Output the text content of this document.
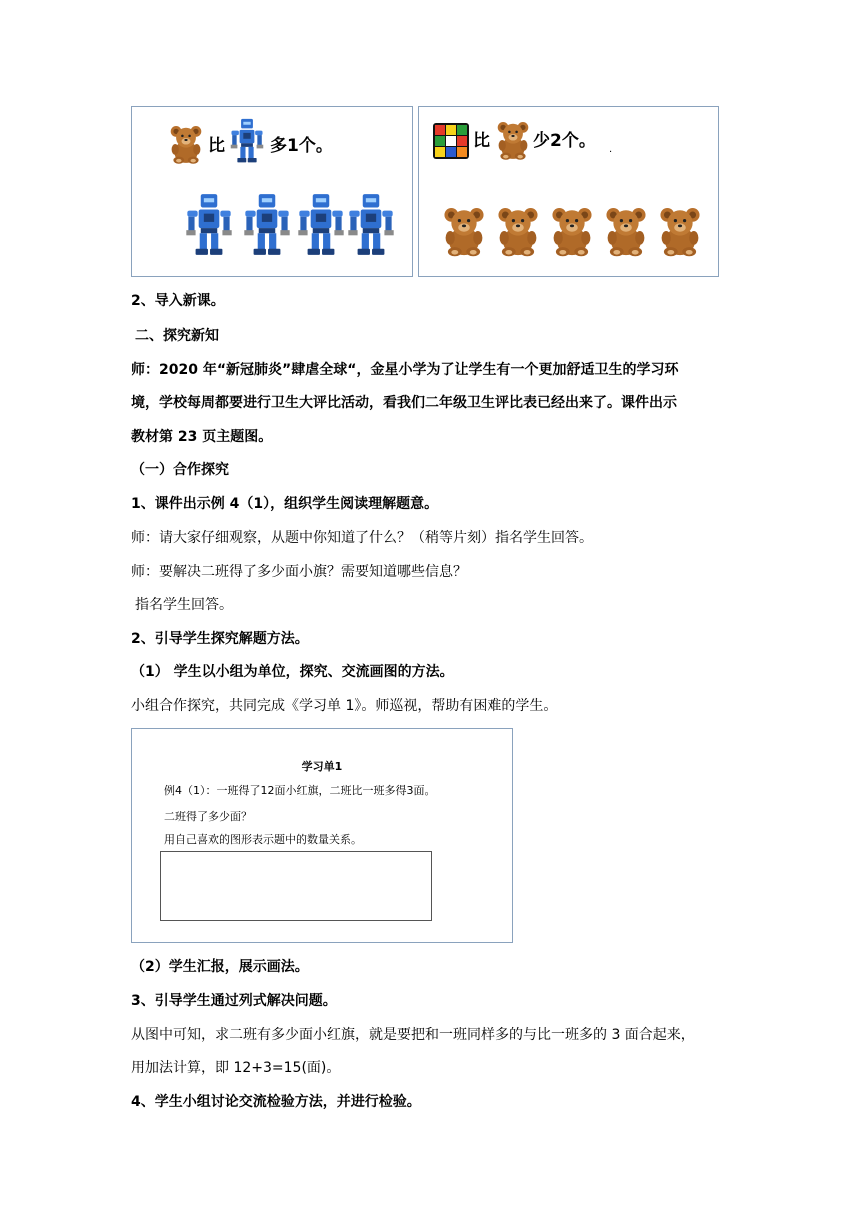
比	多1个。	比	少2个。 .
2、导入新课。
二、探究新知
师：2020 年“新冠肺炎”肆虐全球“，金星小学为了让学生有一个更加舒适卫生的学习环
境，学校每周都要进行卫生大评比活动，看我们二年级卫生评比表已经出来了。课件出示
教材第 23 页主题图。
（一）合作探究
1、课件出示例 4（1），组织学生阅读理解题意。
师：请大家仔细观察，从题中你知道了什么？（稍等片刻）指名学生回答。
师：要解决二班得了多少面小旗？需要知道哪些信息？
指名学生回答。
2、引导学生探究解题方法。
（1） 学生以小组为单位，探究、交流画图的方法。
小组合作探究，共同完成《学习单 1》。师巡视，帮助有困难的学生。
学习单1
例4（1）：一班得了12面小红旗，二班比一班多得3面。
二班得了多少面？
用自己喜欢的图形表示题中的数量关系。
（2）学生汇报，展示画法。
3、引导学生通过列式解决问题。
从图中可知，求二班有多少面小红旗，就是要把和一班同样多的与比一班多的 3 面合起来，
用加法计算，即 12+3=15(面)。
4、学生小组讨论交流检验方法，并进行检验。
